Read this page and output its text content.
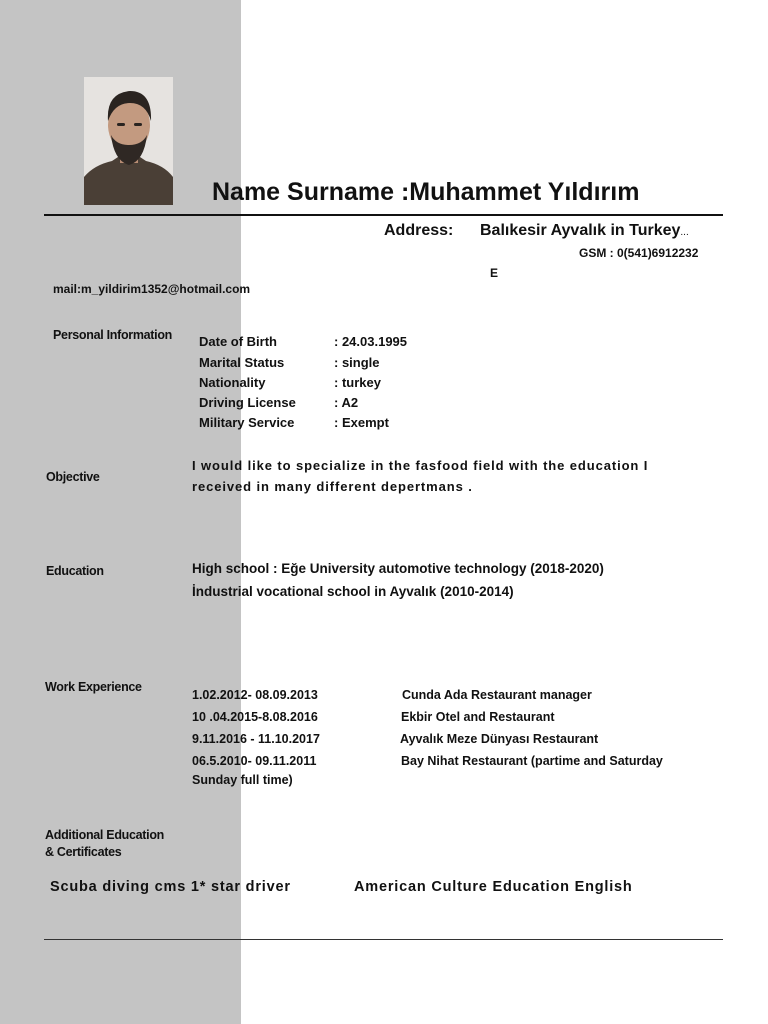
Name Surname :Muhammet Yıldırım
Address: Balıkesir Ayvalık in Turkey...
GSM : 0(541)6912232
E
mail:m_yildirim1352@hotmail.com
Personal Information Date of Birth	: 24.03.1995
Marital Status	: single
Nationality	: turkey
Driving License	: A2
Military Service	: Exempt
Objective
I would like to specialize in the fasfood field with the education I
received in many different depertmans .
Education	High school : Eğe University automotive technology (2018-2020)
İndustrial vocational school in Ayvalık (2010-2014)
Work Experience
1.02.2012- 08.09.2013	Cunda Ada Restaurant manager
10 .04.2015-8.08.2016	Ekbir Otel and Restaurant
9.11.2016 - 11.10.2017	Ayvalık Meze Dünyası Restaurant
06.5.2010- 09.11.2011	Bay Nihat Restaurant (partime and Saturday
Sunday full time)
Additional Education
& Certificates
Scuba diving cms 1* star driver	American Culture Education English
